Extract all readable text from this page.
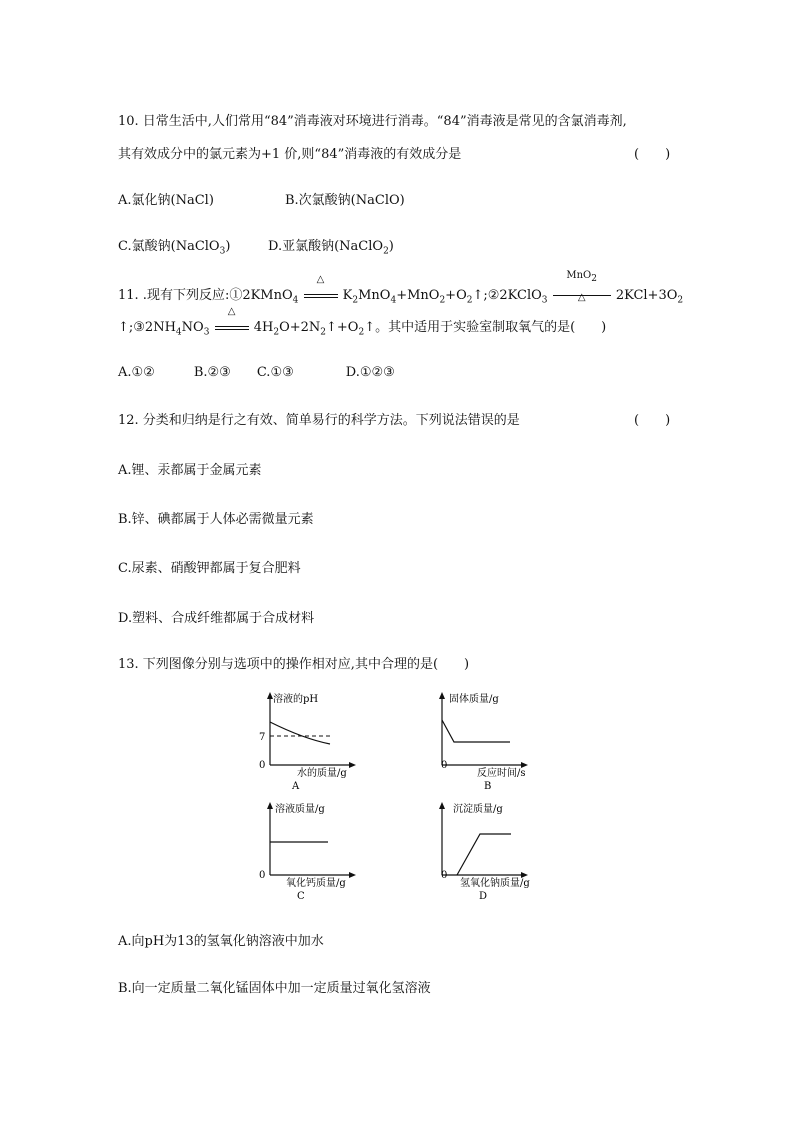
10. 日常生活中,人们常用“84”消毒液对环境进行消毒。“84”消毒液是常见的含氯消毒剂,
其有效成分中的氯元素为+1 价,则“84”消毒液的有效成分是	(　　)
A.氯化钠(NaCl)	B.次氯酸钠(NaClO)
C.氯酸钠(NaClO$_3$)	D.亚氯酸钠(NaClO$_2$)
11. .现有下列反应:①2KMnO$_4$
△
$K_2MnO_4+MnO_2+O_2↑;②2KClO_3$
MnO$_2$
△	$2KCl+3O_2$
$↑;③2NH_4NO_3$
△
$4H_2O+2N_2↑+O_2↑$。其中适用于实验室制取氧气的是(　　)
A.①②　　　B.②③　　C.①③　　　　D.①②③
12. 分类和归纳是行之有效、简单易行的科学方法。下列说法错误的是	(　　)
A.锂、汞都属于金属元素
B.锌、碘都属于人体必需微量元素
C.尿素、硝酸钾都属于复合肥料
D.塑料、合成纤维都属于合成材料
13. 下列图像分别与选项中的操作相对应,其中合理的是(　　)
溶液的pH
7
0
水的质量/g
A
固体质量/g
0
反应时间/s
B
溶液质量/g
0
氧化钙质量/g
C
沉淀质量/g
0
氢氧化钠质量/g
D
A.向pH为13的氢氧化钠溶液中加水
B.向一定质量二氧化锰固体中加一定质量过氧化氢溶液
